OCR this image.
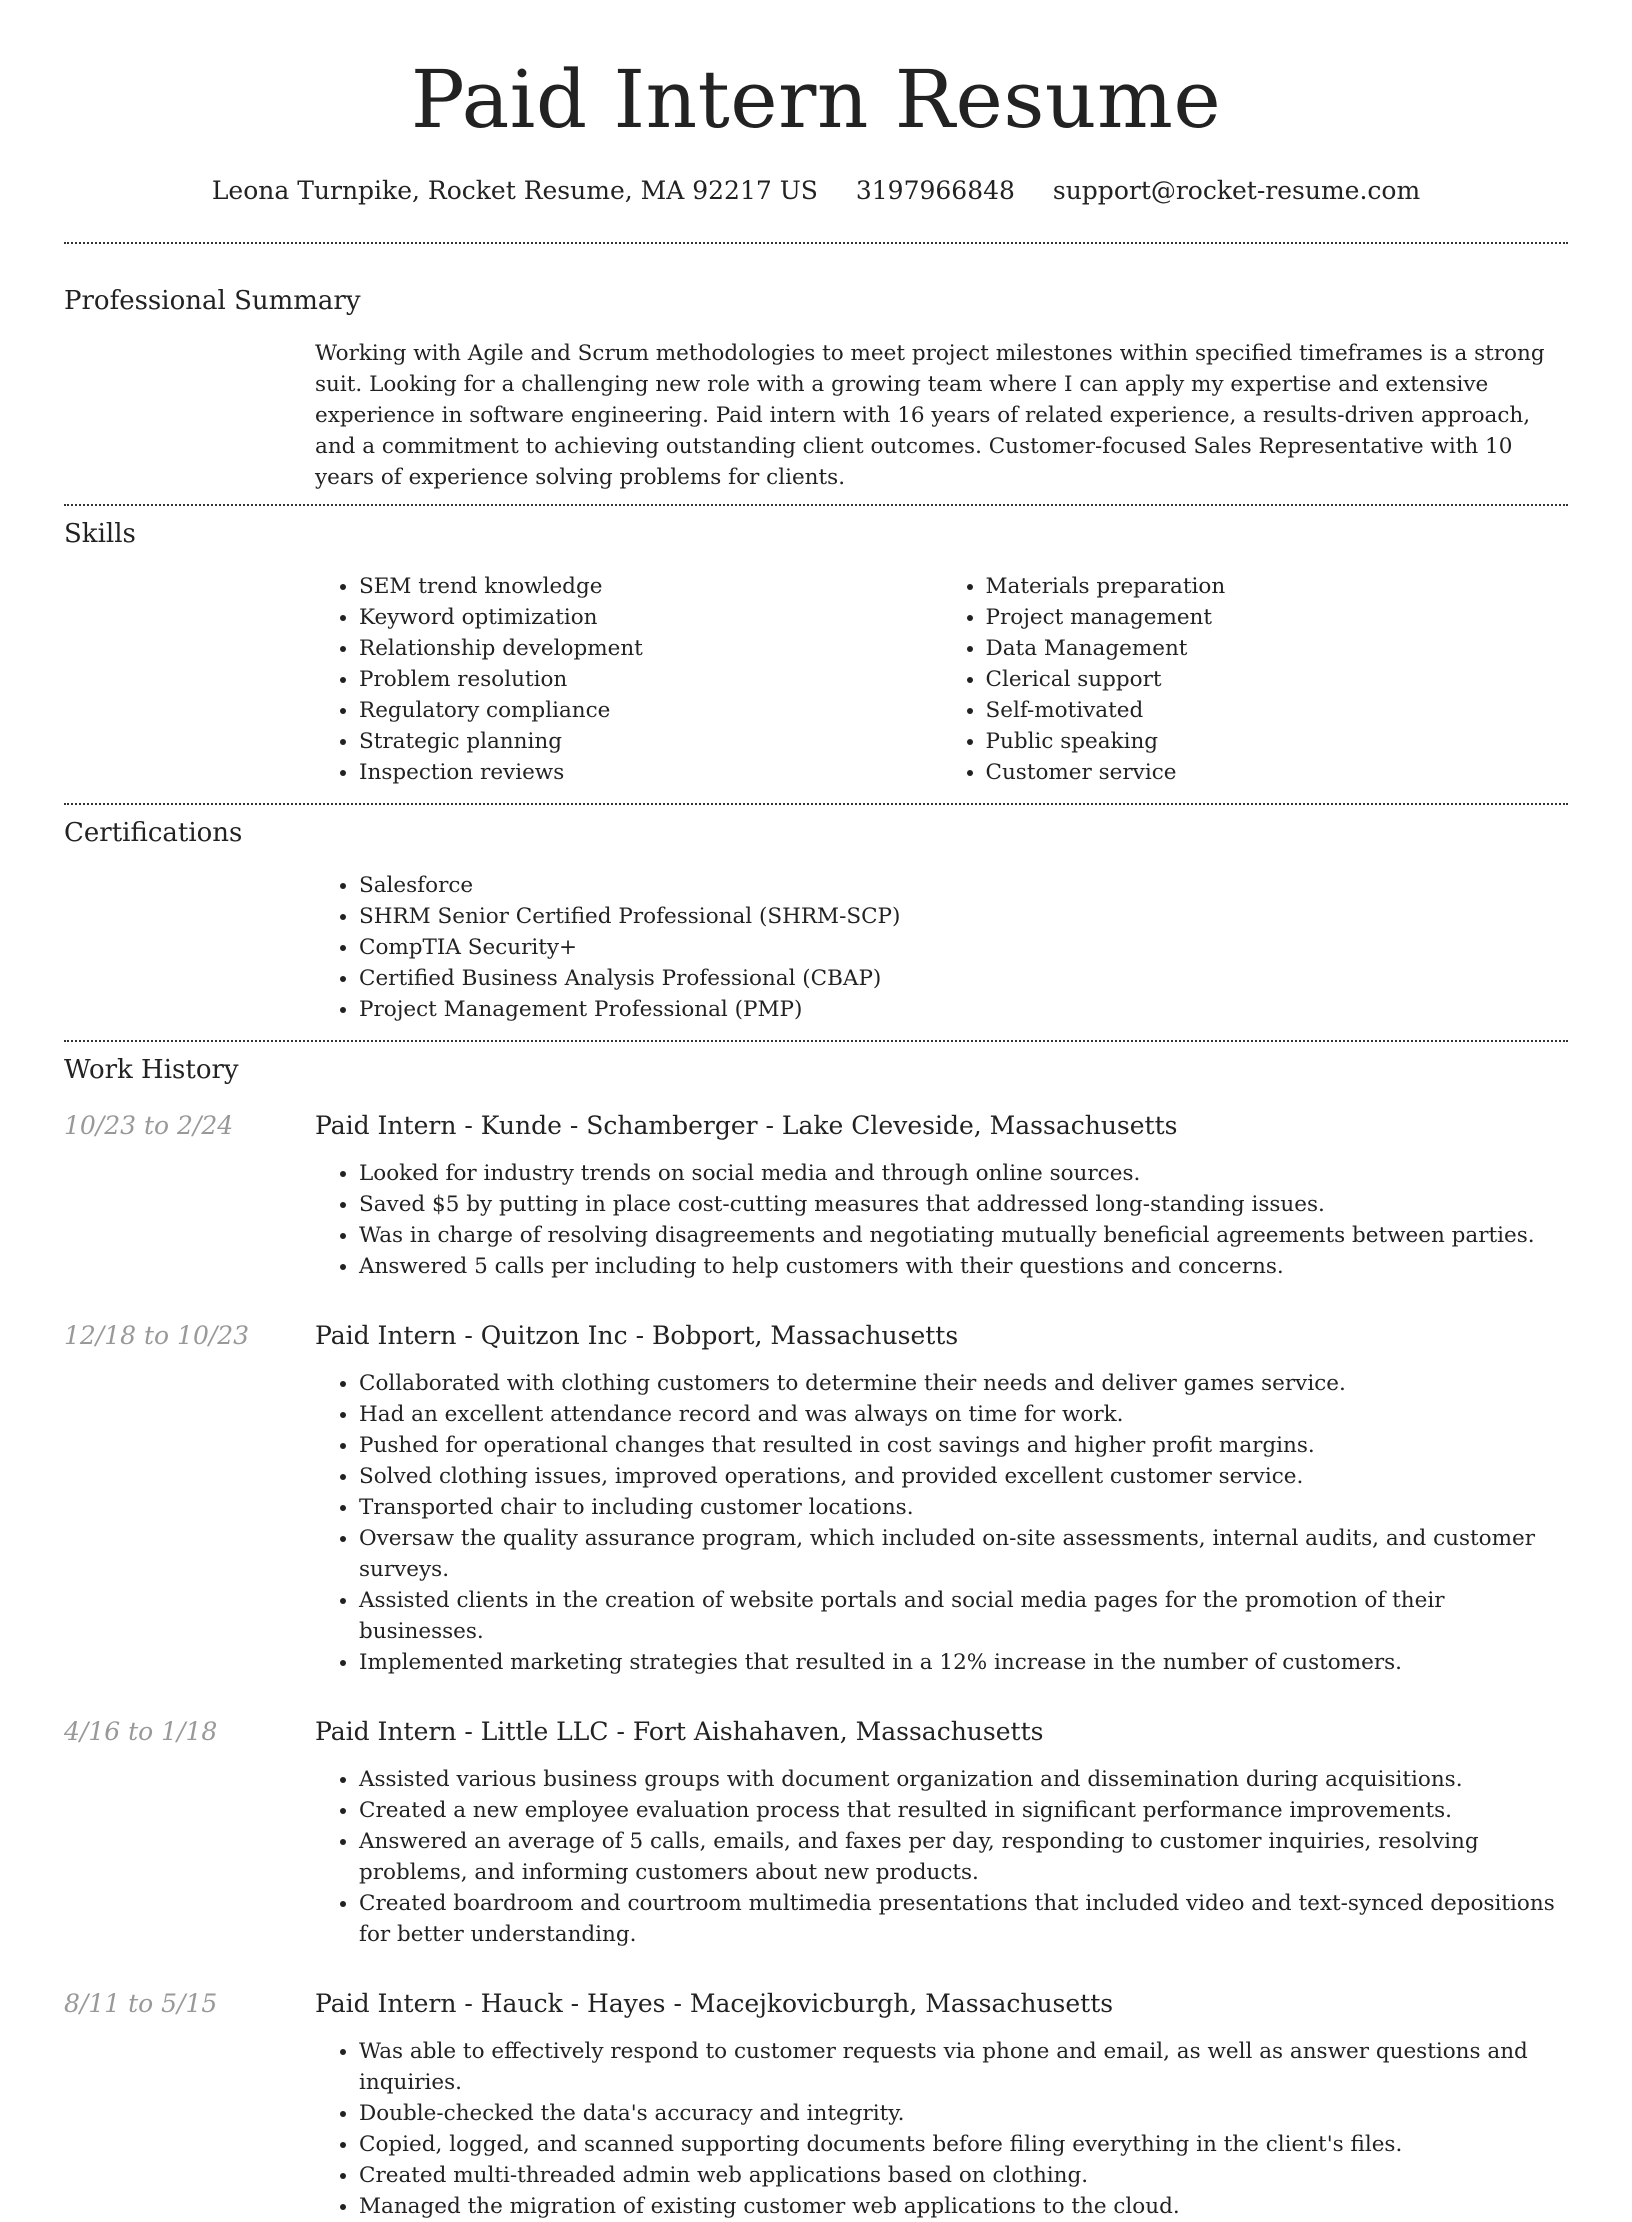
Paid Intern Resume
Leona Turnpike, Rocket Resume, MA 92217 US 3197966848 support@rocket-resume.com
Professional Summary

Working with Agile and Scrum methodologies to meet project milestones within specified timeframes is a strong suit. Looking for a challenging new role with a growing team where I can apply my expertise and extensive experience in software engineering. Paid intern with 16 years of related experience, a results-driven approach, and a commitment to achieving outstanding client outcomes. Customer-focused Sales Representative with 10 years of experience solving problems for clients.

Skills
• SEM trend knowledge
• Keyword optimization
• Relationship development
• Problem resolution
• Regulatory compliance
• Strategic planning
• Inspection reviews
• Materials preparation
• Project management
• Data Management
• Clerical support
• Self-motivated
• Public speaking
• Customer service
Certifications
• Salesforce
• SHRM Senior Certified Professional (SHRM-SCP)
• CompTIA Security+
• Certified Business Analysis Professional (CBAP)
• Project Management Professional (PMP)
Work History
10/23 to 2/24	Paid Intern - Kunde - Schamberger - Lake Cleveside, Massachusetts
• Looked for industry trends on social media and through online sources.
• Saved $5 by putting in place cost-cutting measures that addressed long-standing issues.
• Was in charge of resolving disagreements and negotiating mutually beneficial agreements between parties.
• Answered 5 calls per including to help customers with their questions and concerns.
12/18 to 10/23	Paid Intern - Quitzon Inc - Bobport, Massachusetts
• Collaborated with clothing customers to determine their needs and deliver games service.
• Had an excellent attendance record and was always on time for work.
• Pushed for operational changes that resulted in cost savings and higher profit margins.
• Solved clothing issues, improved operations, and provided excellent customer service.
• Transported chair to including customer locations.
• Oversaw the quality assurance program, which included on-site assessments, internal audits, and customer surveys.
• Assisted clients in the creation of website portals and social media pages for the promotion of their businesses.
• Implemented marketing strategies that resulted in a 12% increase in the number of customers.
4/16 to 1/18	Paid Intern - Little LLC - Fort Aishahaven, Massachusetts
• Assisted various business groups with document organization and dissemination during acquisitions.
• Created a new employee evaluation process that resulted in significant performance improvements.
• Answered an average of 5 calls, emails, and faxes per day, responding to customer inquiries, resolving problems, and informing customers about new products.
• Created boardroom and courtroom multimedia presentations that included video and text-synced depositions for better understanding.
8/11 to 5/15	Paid Intern - Hauck - Hayes - Macejkovicburgh, Massachusetts
• Was able to effectively respond to customer requests via phone and email, as well as answer questions and inquiries.
• Double-checked the data's accuracy and integrity.
• Copied, logged, and scanned supporting documents before filing everything in the client's files.
• Created multi-threaded admin web applications based on clothing.
• Managed the migration of existing customer web applications to the cloud.
